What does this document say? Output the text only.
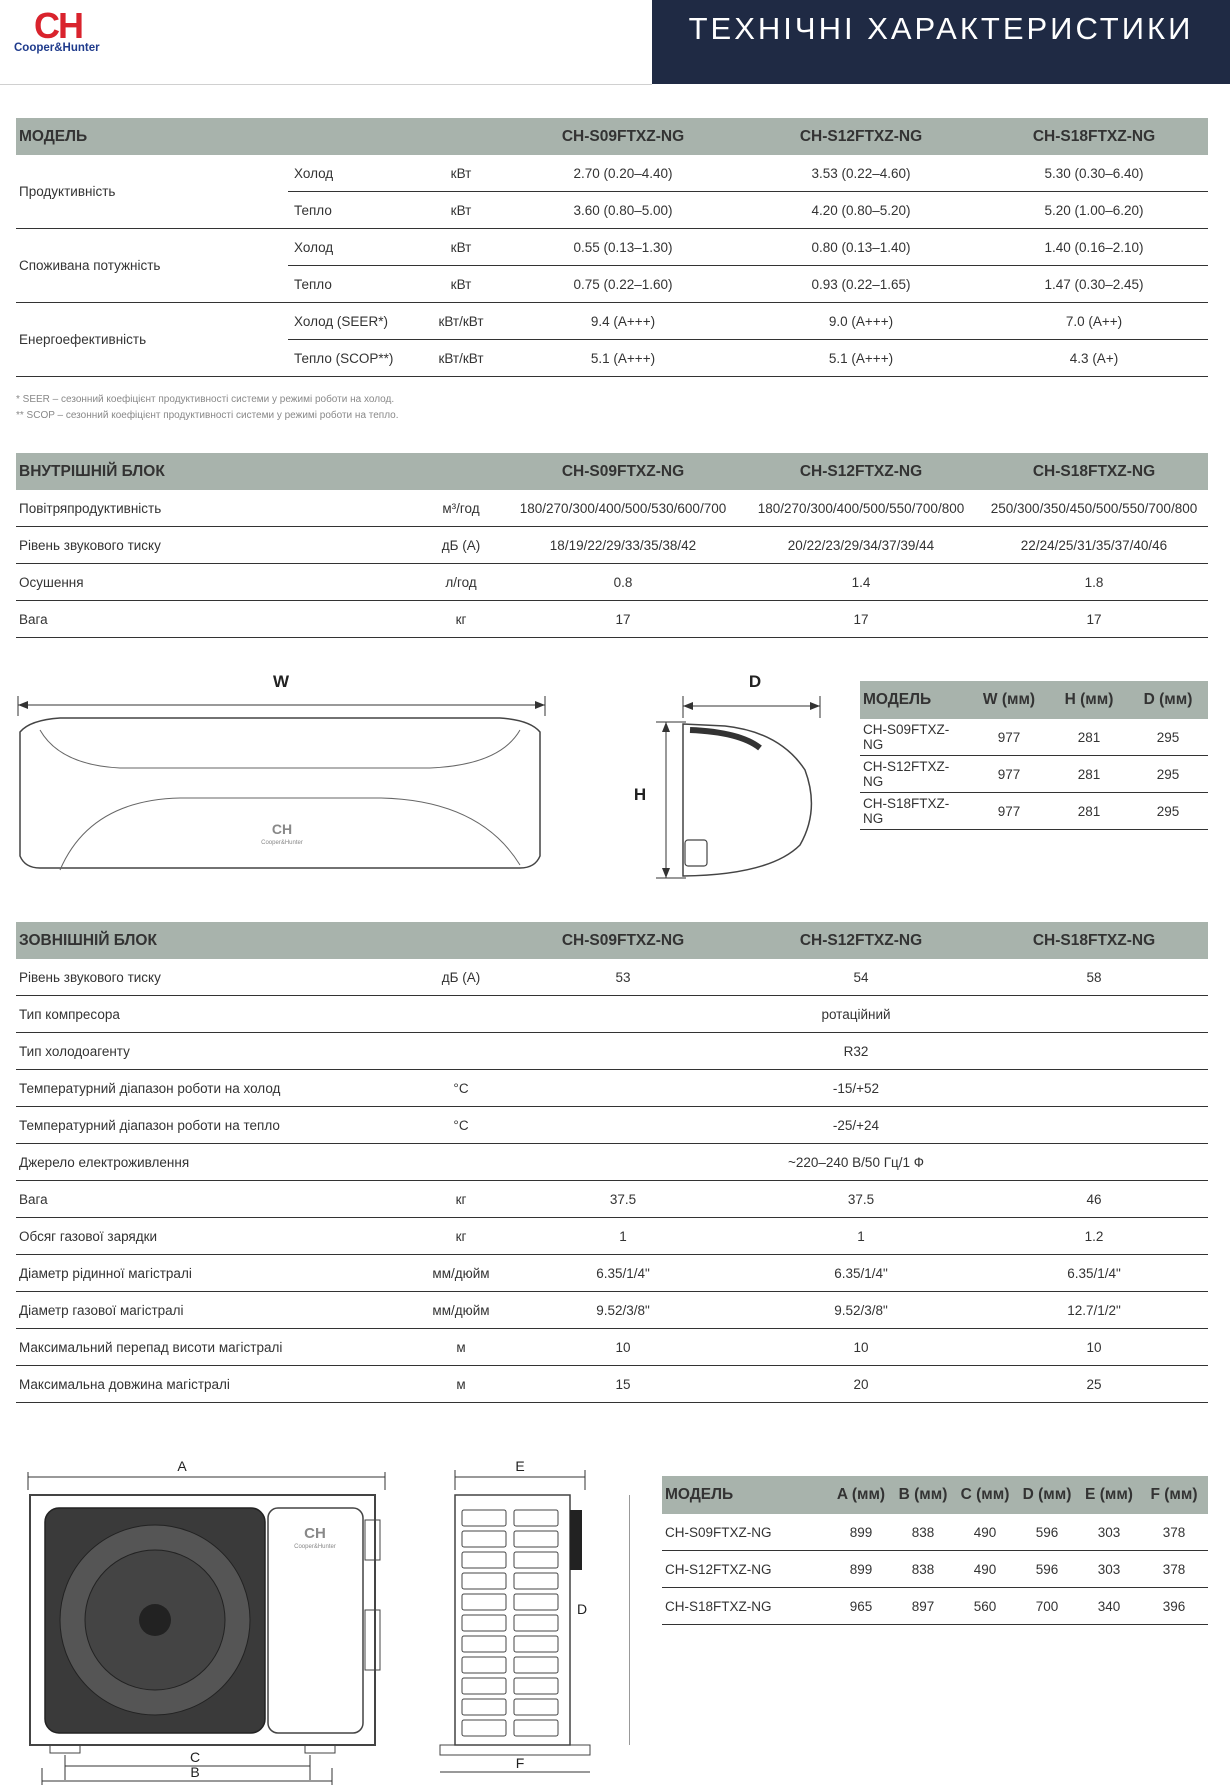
CH
Cooper&Hunter
ТЕХНІЧНІ ХАРАКТЕРИСТИКИ
МОДЕЛЬ			CH-S09FTXZ-NG	CH-S12FTXZ-NG	CH-S18FTXZ-NG
Продуктивність	Холод	кВт	2.70 (0.20–4.40)	3.53 (0.22–4.60)	5.30 (0.30–6.40)
	Тепло	кВт	3.60 (0.80–5.00)	4.20 (0.80–5.20)	5.20 (1.00–6.20)
Споживана потужність	Холод	кВт	0.55 (0.13–1.30)	0.80 (0.13–1.40)	1.40 (0.16–2.10)
	Тепло	кВт	0.75 (0.22–1.60)	0.93 (0.22–1.65)	1.47 (0.30–2.45)
Енергоефективність	Холод (SEER*)	кВт/кВт	9.4 (A+++)	9.0 (A+++)	7.0 (A++)
	Тепло (SCOP**)	кВт/кВт	5.1 (A+++)	5.1 (A+++)	4.3 (A+)
* SEER – сезонний коефіцієнт продуктивності системи у режимі роботи на холод.
** SCOP – сезонний коефіцієнт продуктивності системи у режимі роботи на тепло.
ВНУТРІШНІЙ БЛОК		CH-S09FTXZ-NG	CH-S12FTXZ-NG	CH-S18FTXZ-NG
Повітряпродуктивність	м³/год	180/270/300/400/500/530/600/700	180/270/300/400/500/550/700/800	250/300/350/450/500/550/700/800
Рівень звукового тиску	дБ (А)	18/19/22/29/33/35/38/42	20/22/23/29/34/37/39/44	22/24/25/31/35/37/40/46
Осушення	л/год	0.8	1.4	1.8
Вага	кг	17	17	17
W
CH
Cooper&Hunter
D
H
МОДЕЛЬ	W (мм)	H (мм)	D (мм)
CH-S09FTXZ-NG	977	281	295
CH-S12FTXZ-NG	977	281	295
CH-S18FTXZ-NG	977	281	295
ЗОВНІШНІЙ БЛОК		CH-S09FTXZ-NG	CH-S12FTXZ-NG	CH-S18FTXZ-NG
Рівень звукового тиску	дБ (А)	53	54	58
Тип компресора		ротаційний		
Тип холодоагенту		R32		
Температурний діапазон роботи на холод	°C	-15/+52		
Температурний діапазон роботи на тепло	°C	-25/+24		
Джерело електроживлення		~220–240 В/50 Гц/1 Ф		
Вага	кг	37.5	37.5	46
Обсяг газової зарядки	кг	1	1	1.2
Діаметр рідинної магістралі	мм/дюйм	6.35/1/4"	6.35/1/4"	6.35/1/4"
Діаметр газової магістралі	мм/дюйм	9.52/3/8"	9.52/3/8"	12.7/1/2"
Максимальний перепад висоти магістралі	м	10	10	10
Максимальна довжина магістралі	м	15	20	25
A
CH
Cooper&Hunter
C
B
E
D
F
МОДЕЛЬ	A (мм)	B (мм)	C (мм)	D (мм)	E (мм)	F (мм)
CH-S09FTXZ-NG	899	838	490	596	303	378
CH-S12FTXZ-NG	899	838	490	596	303	378
CH-S18FTXZ-NG	965	897	560	700	340	396
